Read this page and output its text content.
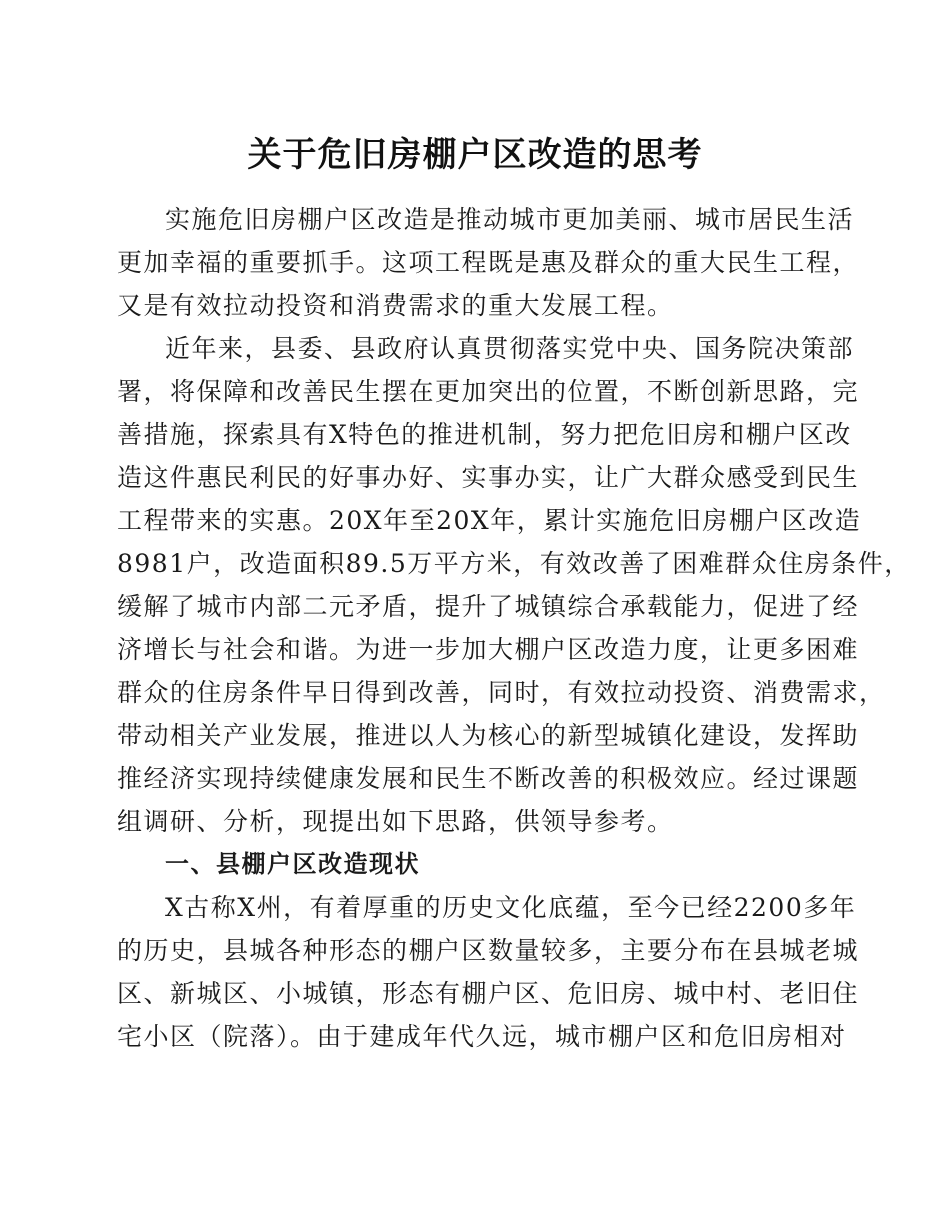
关于危旧房棚户区改造的思考
实施危旧房棚户区改造是推动城市更加美丽、城市居民生活
更加幸福的重要抓手。这项工程既是惠及群众的重大民生工程，
又是有效拉动投资和消费需求的重大发展工程。
近年来，县委、县政府认真贯彻落实党中央、国务院决策部
署，将保障和改善民生摆在更加突出的位置，不断创新思路，完
善措施，探索具有X特色的推进机制，努力把危旧房和棚户区改
造这件惠民利民的好事办好、实事办实，让广大群众感受到民生
工程带来的实惠。20X年至20X年，累计实施危旧房棚户区改造
8981户，改造面积89.5万平方米，有效改善了困难群众住房条件，
缓解了城市内部二元矛盾，提升了城镇综合承载能力，促进了经
济增长与社会和谐。为进一步加大棚户区改造力度，让更多困难
群众的住房条件早日得到改善，同时，有效拉动投资、消费需求，
带动相关产业发展，推进以人为核心的新型城镇化建设，发挥助
推经济实现持续健康发展和民生不断改善的积极效应。经过课题
组调研、分析，现提出如下思路，供领导参考。
一、县棚户区改造现状
X古称X州，有着厚重的历史文化底蕴，至今已经2200多年
的历史，县城各种形态的棚户区数量较多，主要分布在县城老城
区、新城区、小城镇，形态有棚户区、危旧房、城中村、老旧住
宅小区（院落）。由于建成年代久远，城市棚户区和危旧房相对
